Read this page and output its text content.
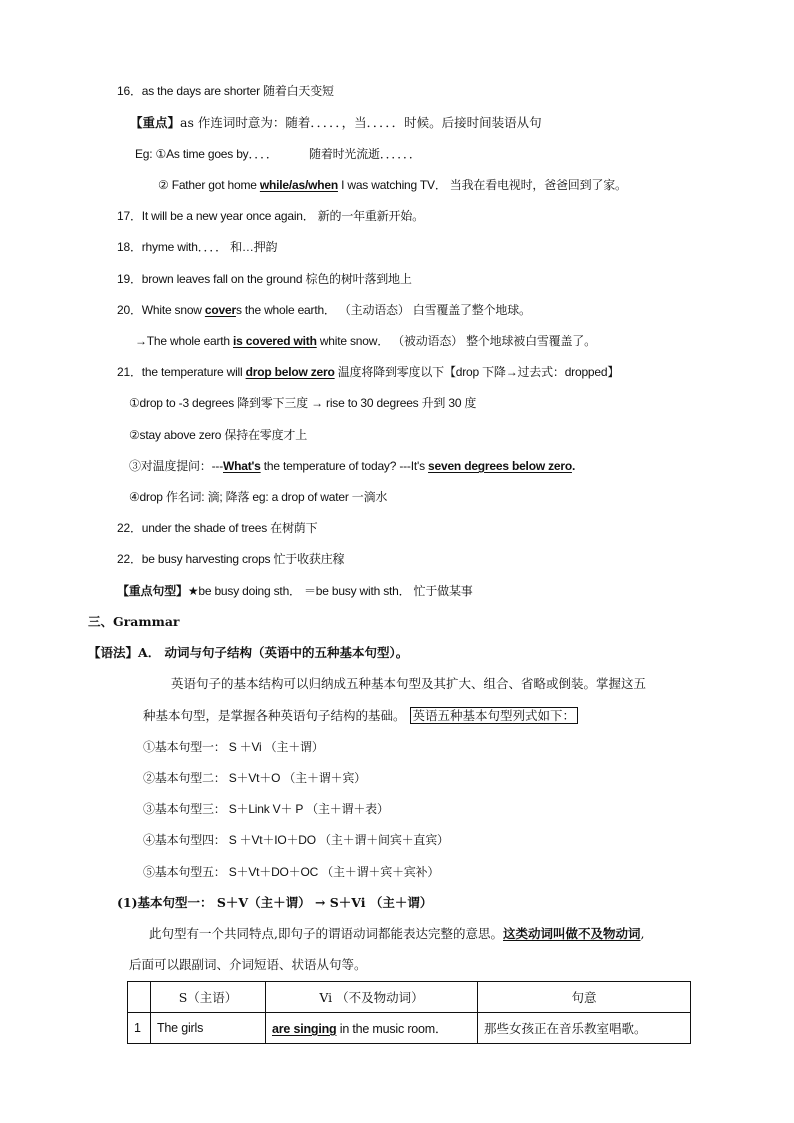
16．as the days are shorter 随着白天变短
【重点】as 作连词时意为：随着．．．．．，当．．．．．时候。后接时间装语从句
Eg: ①As time goes by．．．．	随着时光流逝．．．．．．
② Father got home while/as/when I was watching TV． 当我在看电视时，爸爸回到了家。
17．It will be a new year once again． 新的一年重新开始。
18．rhyme with．．．． 和…押韵
19．brown leaves fall on the ground 棕色的树叶落到地上
20．White snow covers the whole earth． （主动语态） 白雪覆盖了整个地球。
→The whole earth is covered with white snow． （被动语态） 整个地球被白雪覆盖了。
21．the temperature will drop below zero 温度将降到零度以下【drop 下降→过去式：dropped】
①drop to -3 degrees 降到零下三度 → rise to 30 degrees 升到 30 度
②stay above zero 保持在零度才上
③对温度提问：---What's the temperature of today? ---It's seven degrees below zero.
④drop 作名词: 滴; 降落 eg: a drop of water 一滴水
22．under the shade of trees 在树荫下
22．be busy harvesting crops 忙于收获庄稼
【重点句型】★be busy doing sth． ＝be busy with sth． 忙于做某事
三、Grammar
【语法】A． 动词与句子结构（英语中的五种基本句型）。
英语句子的基本结构可以归纳成五种基本句型及其扩大、组合、省略或倒装。掌握这五
种基本句型，是掌握各种英语句子结构的基础。 英语五种基本句型列式如下：
①基本句型一： S ＋Vi （主＋谓）
②基本句型二： S＋Vt＋O （主＋谓＋宾）
③基本句型三： S＋Link V＋ P （主＋谓＋表）
④基本句型四： S ＋Vt＋IO＋DO （主＋谓＋间宾＋直宾）
⑤基本句型五： S＋Vt＋DO＋OC （主＋谓＋宾＋宾补）
(1)基本句型一： S＋V（主＋谓） → S＋Vi （主＋谓）
此句型有一个共同特点,即句子的谓语动词都能表达完整的意思。这类动词叫做不及物动词,
后面可以跟副词、介词短语、状语从句等。
	S（主语）	Vi （不及物动词）	句意
1	The girls	are singing in the music room．	那些女孩正在音乐教室唱歌。
